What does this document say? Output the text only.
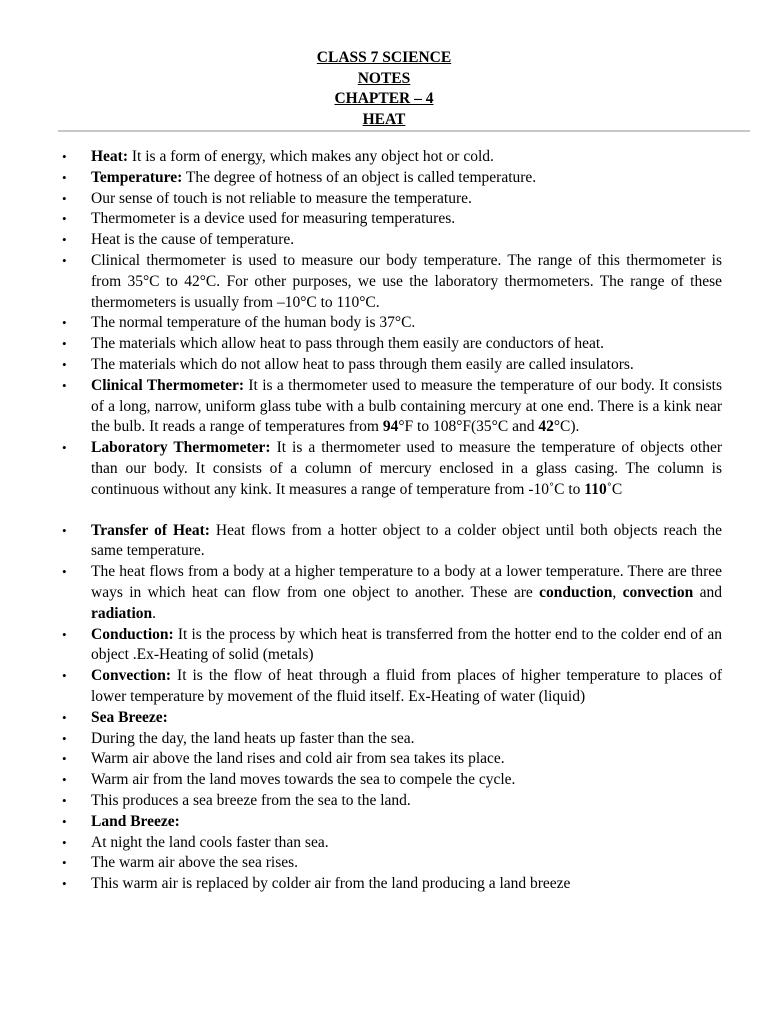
CLASS 7 SCIENCE
NOTES
CHAPTER – 4
HEAT
• Heat: It is a form of energy, which makes any object hot or cold.
• Temperature: The degree of hotness of an object is called temperature.
• Our sense of touch is not reliable to measure the temperature.
• Thermometer is a device used for measuring temperatures.
• Heat is the cause of temperature.
• Clinical thermometer is used to measure our body temperature. The range of this thermometer is from 35°C to 42°C. For other purposes, we use the laboratory thermometers. The range of these thermometers is usually from –10°C to 110°C.
• The normal temperature of the human body is 37°C.
• The materials which allow heat to pass through them easily are conductors of heat.
• The materials which do not allow heat to pass through them easily are called insulators.
• Clinical Thermometer: It is a thermometer used to measure the temperature of our body. It consists of a long, narrow, uniform glass tube with a bulb containing mercury at one end. There is a kink near the bulb. It reads a range of temperatures from 94°F to 108°F(35°C and 42°C).
• Laboratory Thermometer: It is a thermometer used to measure the temperature of objects other than our body. It consists of a column of mercury enclosed in a glass casing. The column is continuous without any kink. It measures a range of temperature from -10˚C to 110˚C
• Transfer of Heat: Heat flows from a hotter object to a colder object until both objects reach the same temperature.
• The heat flows from a body at a higher temperature to a body at a lower temperature. There are three ways in which heat can flow from one object to another. These are conduction, convection and radiation.
• Conduction: It is the process by which heat is transferred from the hotter end to the colder end of an object .Ex-Heating of solid (metals)
• Convection: It is the flow of heat through a fluid from places of higher temperature to places of lower temperature by movement of the fluid itself. Ex-Heating of water (liquid)
• Sea Breeze:
• During the day, the land heats up faster than the sea.
• Warm air above the land rises and cold air from sea takes its place.
• Warm air from the land moves towards the sea to compele the cycle.
• This produces a sea breeze from the sea to the land.
• Land Breeze:
• At night the land cools faster than sea.
• The warm air above the sea rises.
• This warm air is replaced by colder air from the land producing a land breeze
